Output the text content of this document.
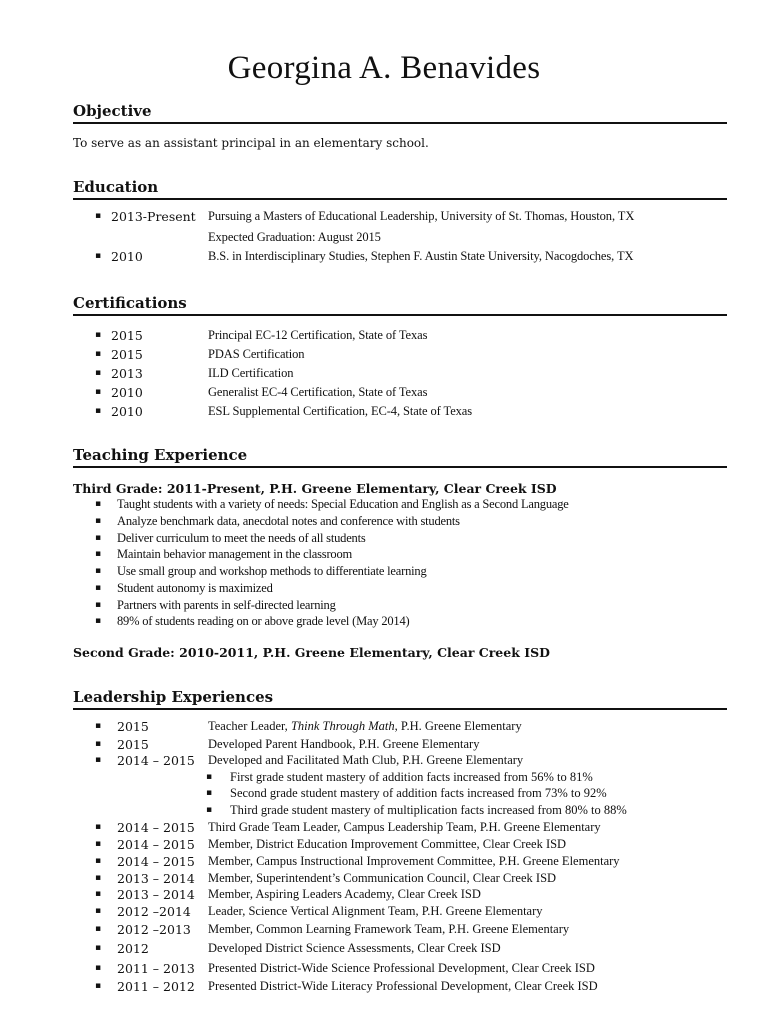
Georgina A. Benavides
Objective
To serve as an assistant principal in an elementary school.
Education
▪ 2013-Present Pursuing a Masters of Educational Leadership, University of St. Thomas, Houston, TX
Expected Graduation: August 2015
▪ 2010	B.S. in Interdisciplinary Studies, Stephen F. Austin State University, Nacogdoches, TX
Certifications
▪ 2015	Principal EC-12 Certification, State of Texas
▪ 2015	PDAS Certification
▪ 2013	ILD Certification
▪ 2010	Generalist EC-4 Certification, State of Texas
▪ 2010	ESL Supplemental Certification, EC-4, State of Texas
Teaching Experience
Third Grade: 2011-Present, P.H. Greene Elementary, Clear Creek ISD
▪ Taught students with a variety of needs: Special Education and English as a Second Language
▪ Analyze benchmark data, anecdotal notes and conference with students
▪ Deliver curriculum to meet the needs of all students
▪ Maintain behavior management in the classroom
▪ Use small group and workshop methods to differentiate learning
▪ Student autonomy is maximized
▪ Partners with parents in self-directed learning
▪ 89% of students reading on or above grade level (May 2014)
Second Grade: 2010-2011, P.H. Greene Elementary, Clear Creek ISD
Leadership Experiences
▪ 2015	Teacher Leader, Think Through Math, P.H. Greene Elementary
▪ 2015	Developed Parent Handbook, P.H. Greene Elementary
▪ 2014 – 2015 Developed and Facilitated Math Club, P.H. Greene Elementary
▪ First grade student mastery of addition facts increased from 56% to 81%
▪ Second grade student mastery of addition facts increased from 73% to 92%
▪ Third grade student mastery of multiplication facts increased from 80% to 88%
▪ 2014 – 2015 Third Grade Team Leader, Campus Leadership Team, P.H. Greene Elementary
▪ 2014 – 2015 Member, District Education Improvement Committee, Clear Creek ISD
▪ 2014 – 2015 Member, Campus Instructional Improvement Committee, P.H. Greene Elementary
▪ 2013 – 2014 Member, Superintendent’s Communication Council, Clear Creek ISD
▪ 2013 – 2014 Member, Aspiring Leaders Academy, Clear Creek ISD
▪ 2012 –2014 Leader, Science Vertical Alignment Team, P.H. Greene Elementary
▪ 2012 –2013 Member, Common Learning Framework Team, P.H. Greene Elementary
▪ 2012	Developed District Science Assessments, Clear Creek ISD
▪ 2011 – 2013 Presented District-Wide Science Professional Development, Clear Creek ISD
▪ 2011 – 2012 Presented District-Wide Literacy Professional Development, Clear Creek ISD
